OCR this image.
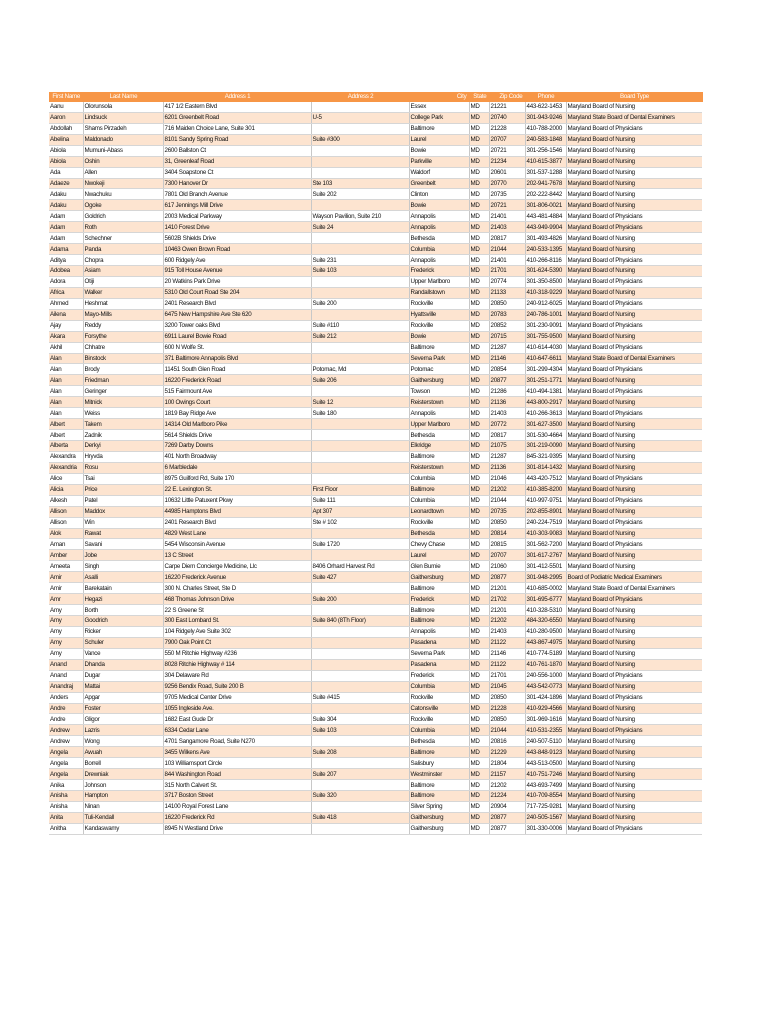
First Name	Last Name	Address 1	Address 2	City	State	Zip Code	Phone	Board Type
Aanu	Olorunsola	417 1/2 Eastern Blvd		Essex	MD	21221	443-622-1453	Maryland Board of Nursing
Aaron	Lindsuck	6201 Greenbelt Road	U-5	College Park	MD	20740	301-943-9246	Maryland State Board of Dental Examiners
Abdollah	Shams Pirzadeh	716 Maiden Choice Lane, Suite 301		Baltimore	MD	21228	410-788-2000	Maryland Board of Physicians
Abelina	Maldonado	8101 Sandy Spring Road	Suite #300	Laurel	MD	20707	240-583-1848	Maryland Board of Nursing
Abiola	Mumuni-Abass	2600 Ballston Ct		Bowie	MD	20721	301-256-1546	Maryland Board of Nursing
Abiola	Oshin	31, Greenleaf Road		Parkville	MD	21234	410-615-3877	Maryland Board of Nursing
Ada	Allen	3404 Soapstone Ct		Waldorf	MD	20601	301-537-1288	Maryland Board of Nursing
Adaeze	Nwokeji	7300 Hanover Dr	Ste 103	Greenbelt	MD	20770	202-941-7678	Maryland Board of Nursing
Adaku	Nwachuku	7801 Old Branch Avenue	Suite 202	Clinton	MD	20735	202-222-8442	Maryland Board of Nursing
Adaku	Ogoke	617 Jennings Mill Drive		Bowie	MD	20721	301-806-0021	Maryland Board of Nursing
Adam	Goldrich	2003 Medical Parkway	Wayson Pavilion, Suite 210	Annapolis	MD	21401	443-481-4884	Maryland Board of Physicians
Adam	Roth	1410 Forest Drive	Suite 24	Annapolis	MD	21403	443-949-9904	Maryland Board of Physicians
Adam	Schechner	5602B Shields Drive		Bethesda	MD	20817	301-493-4826	Maryland Board of Nursing
Adama	Panda	10463 Owen Brown Road		Columbia	MD	21044	240-533-1395	Maryland Board of Nursing
Aditya	Chopra	600 Ridgely Ave	Suite 231	Annapolis	MD	21401	410-266-8116	Maryland Board of Physicians
Adobea	Asiam	915 Toll House Avenue	Suite 103	Frederick	MD	21701	301-624-5390	Maryland Board of Nursing
Adora	Otiji	20 Watkins Park Drive		Upper Marlboro	MD	20774	301-350-8500	Maryland Board of Physicians
Africa	Walker	5310 Old Court Road Ste 204		Randallstown	MD	21133	410-318-9229	Maryland Board of Nursing
Ahmed	Heshmat	2401 Research Blvd	Suite 200	Rockville	MD	20850	240-912-6025	Maryland Board of Physicians
Ailena	Mayo-Mills	6475 New Hampshire Ave Ste 620		Hyattsville	MD	20783	240-786-1001	Maryland Board of Nursing
Ajay	Reddy	3200 Tower oaks Blvd	Suite #110	Rockville	MD	20852	301-230-9091	Maryland Board of Physicians
Akara	Forsythe	6911 Laurel Bowie Road	Suite 212	Bowie	MD	20715	301-755-9500	Maryland Board of Nursing
Akhil	Chhatre	600 N Wolfe St.		Baltimore	MD	21287	410-614-4030	Maryland Board of Physicians
Alan	Binstock	371 Baltimore Annapolis Blvd		Severna Park	MD	21146	410-647-6611	Maryland State Board of Dental Examiners
Alan	Brody	11451 South Glen Road	Potomac, Md	Potomac	MD	20854	301-299-4304	Maryland Board of Physicians
Alan	Friedman	16220 Frederick Road	Suite 206	Gaithersburg	MD	20877	301-251-1771	Maryland Board of Nursing
Alan	Geringer	515 Fairmount Ave		Towson	MD	21286	410-494-1381	Maryland Board of Physicians
Alan	Mitnick	100 Owings Court	Suite 12	Reisterstown	MD	21136	443-800-2917	Maryland Board of Nursing
Alan	Weiss	1819 Bay Ridge Ave	Suite 180	Annapolis	MD	21403	410-266-3613	Maryland Board of Physicians
Albert	Takem	14314 Old Marlboro Pike		Upper Marlboro	MD	20772	301-627-3500	Maryland Board of Nursing
Albert	Zadnik	5614 Shields Drive		Bethesda	MD	20817	301-530-4664	Maryland Board of Nursing
Alberta	Derkyi	7269 Darby Downs		Elkridge	MD	21075	301-219-0090	Maryland Board of Nursing
Alexandra	Hryvda	401 North Broadway		Baltimore	MD	21287	845-321-9395	Maryland Board of Nursing
Alexandria	Rosu	6 Marbledale		Reisterstown	MD	21136	301-814-1432	Maryland Board of Nursing
Alice	Tsai	8975 Guilford Rd, Suite 170		Columbia	MD	21046	443-420-7512	Maryland Board of Physicians
Alicia	Price	22 E. Lexington St.	First Floor	Baltimore	MD	21202	410-385-8200	Maryland Board of Nursing
Alkesh	Patel	10632 Little Patuxent Pkwy	Suite 111	Columbia	MD	21044	410-997-9751	Maryland Board of Physicians
Allison	Maddox	44985 Hamptons Blvd	Apt 307	Leonardtown	MD	20735	202-855-8901	Maryland Board of Nursing
Allison	Win	2401 Research Blvd	Ste # 102	Rockville	MD	20850	240-224-7519	Maryland Board of Physicians
Alok	Rawat	4829 West Lane		Bethesda	MD	20814	410-303-9083	Maryland Board of Nursing
Aman	Savani	5454 Wisconsin Avenue	Suite 1720	Chevy Chase	MD	20815	301-562-7200	Maryland Board of Physicians
Amber	Jobe	13 C Street		Laurel	MD	20707	301-617-2767	Maryland Board of Nursing
Ameeta	Singh	Carpe Diem Concierge Medicine, Llc	8406 Orhard Harvest Rd	Glen Burnie	MD	21060	301-412-5501	Maryland Board of Nursing
Amir	Asalli	16220 Frederick Avenue	Suite 427	Gaithersburg	MD	20877	301-948-2995	Board of Podiatric Medical Examiners
Amir	Barekatain	300 N. Charles Street, Ste D		Baltimore	MD	21201	410-685-0002	Maryland State Board of Dental Examiners
Amr	Hegazi	468 Thomas Johnson Drive	Suite 200	Frederick	MD	21702	301-695-6777	Maryland Board of Physicians
Amy	Borth	22 S Greene St		Baltimore	MD	21201	410-328-5310	Maryland Board of Nursing
Amy	Goodrich	300 East Lombard St.	Suite 840 (8Th Floor)	Baltimore	MD	21202	484-320-6550	Maryland Board of Nursing
Amy	Ricker	104 Ridgely Ave Suite 302		Annapolis	MD	21403	410-280-9500	Maryland Board of Nursing
Amy	Schuler	7900 Oak Point Ct		Pasadena	MD	21122	443-867-4975	Maryland Board of Nursing
Amy	Vance	550 M Ritchie Highway #236		Severna Park	MD	21146	410-774-5189	Maryland Board of Nursing
Anand	Dhanda	8028 Ritchie Highway # 114		Pasadena	MD	21122	410-761-1870	Maryland Board of Nursing
Anand	Dugar	304 Delaware Rd		Frederick	MD	21701	240-556-1000	Maryland Board of Physicians
Anandraj	Mattai	9256 Bendix Road, Suite 200 B		Columbia	MD	21045	443-542-0773	Maryland Board of Nursing
Anders	Apgar	9705 Medical Center Drive	Suite #415	Rockville	MD	20850	301-424-1896	Maryland Board of Physicians
Andre	Foster	1055 Ingleside Ave.		Catonsville	MD	21228	410-929-4566	Maryland Board of Nursing
Andre	Gligor	1682 East Gude Dr	Suite 304	Rockville	MD	20850	301-969-1616	Maryland Board of Nursing
Andrew	Lazris	6334 Cedar Lane	Suite 103	Columbia	MD	21044	410-531-2355	Maryland Board of Physicians
Andrew	Wong	4701 Sangamore Road, Suite N270		Bethesda	MD	20816	240-507-5110	Maryland Board of Nursing
Angela	Awuah	3455 Wilkens Ave	Suite 208	Baltimore	MD	21229	443-848-9123	Maryland Board of Nursing
Angela	Borrell	103 Williamsport Circle		Salisbury	MD	21804	443-513-0500	Maryland Board of Nursing
Angela	Drewniak	844 Washington Road	Suite 207	Westminster	MD	21157	410-751-7246	Maryland Board of Nursing
Anika	Johnson	315 North Calvert St.		Baltimore	MD	21202	443-693-7499	Maryland Board of Nursing
Anisha	Hampton	3717 Boston Street	Suite 320	Baltimore	MD	21224	410-709-8554	Maryland Board of Nursing
Anisha	Ninan	14100 Royal Forest Lane		Silver Spring	MD	20904	717-725-9281	Maryland Board of Nursing
Anita	Tuli-Kendall	16220 Frederick Rd	Suite 418	Gaithersburg	MD	20877	240-505-1567	Maryland Board of Nursing
Anitha	Kandaswamy	8945 N Westland Drive		Gaithersburg	MD	20877	301-330-0006	Maryland Board of Physicians
